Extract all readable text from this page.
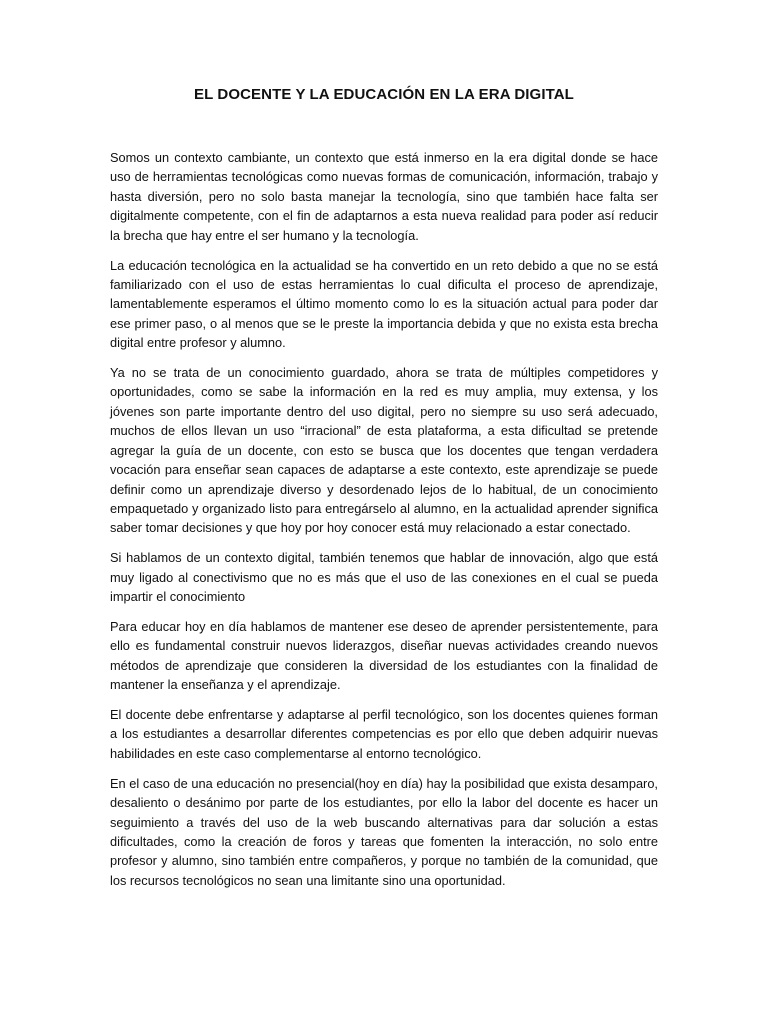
EL DOCENTE Y LA EDUCACIÓN EN LA ERA DIGITAL

Somos un contexto cambiante, un contexto que está inmerso en la era digital donde se hace uso de herramientas tecnológicas como nuevas formas de comunicación, información, trabajo y hasta diversión, pero no solo basta manejar la tecnología, sino que también hace falta ser digitalmente competente, con el fin de adaptarnos a esta nueva realidad para poder así reducir la brecha que hay entre el ser humano y la tecnología.

La educación tecnológica en la actualidad se ha convertido en un reto debido a que no se está familiarizado con el uso de estas herramientas lo cual dificulta el proceso de aprendizaje, lamentablemente esperamos el último momento como lo es la situación actual para poder dar ese primer paso, o al menos que se le preste la importancia debida y que no exista esta brecha digital entre profesor y alumno.

Ya no se trata de un conocimiento guardado, ahora se trata de múltiples competidores y oportunidades, como se sabe la información en la red es muy amplia, muy extensa, y los jóvenes son parte importante dentro del uso digital, pero no siempre su uso será adecuado, muchos de ellos llevan un uso “irracional” de esta plataforma, a esta dificultad se pretende agregar la guía de un docente, con esto se busca que los docentes que tengan verdadera vocación para enseñar sean capaces de adaptarse a este contexto, este aprendizaje se puede definir como un aprendizaje diverso y desordenado lejos de lo habitual, de un conocimiento empaquetado y organizado listo para entregárselo al alumno, en la actualidad aprender significa saber tomar decisiones y que hoy por hoy conocer está muy relacionado a estar conectado.

Si hablamos de un contexto digital, también tenemos que hablar de innovación, algo que está muy ligado al conectivismo que no es más que el uso de las conexiones en el cual se pueda impartir el conocimiento

Para educar hoy en día hablamos de mantener ese deseo de aprender persistentemente, para ello es fundamental construir nuevos liderazgos, diseñar nuevas actividades creando nuevos métodos de aprendizaje que consideren la diversidad de los estudiantes con la finalidad de mantener la enseñanza y el aprendizaje.

El docente debe enfrentarse y adaptarse al perfil tecnológico, son los docentes quienes forman a los estudiantes a desarrollar diferentes competencias es por ello que deben adquirir nuevas habilidades en este caso complementarse al entorno tecnológico.

En el caso de una educación no presencial(hoy en día) hay la posibilidad que exista desamparo, desaliento o desánimo por parte de los estudiantes, por ello la labor del docente es hacer un seguimiento a través del uso de la web buscando alternativas para dar solución a estas dificultades, como la creación de foros y tareas que fomenten la interacción, no solo entre profesor y alumno, sino también entre compañeros, y porque no también de la comunidad, que los recursos tecnológicos no sean una limitante sino una oportunidad.
